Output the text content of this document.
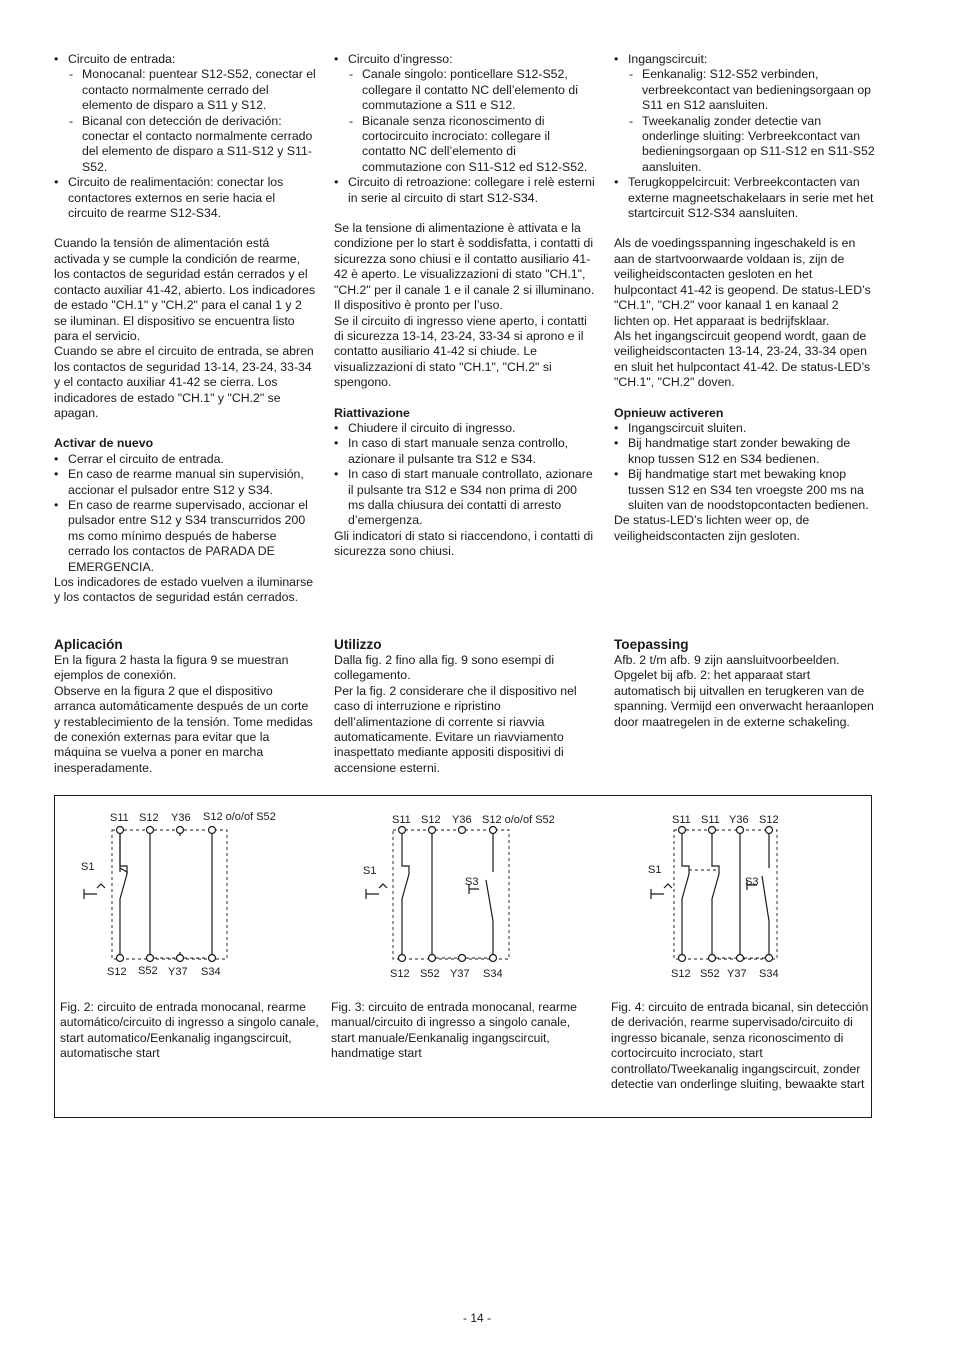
• Circuito de entrada:
- Monocanal: puentear S12-S52, conectar el contacto normalmente cerrado del elemento de disparo a S11 y S12.
- Bicanal con detección de derivación: conectar el contacto normalmente cerrado del elemento de disparo a S11-S12 y S11-S52.
• Circuito de realimentación: conectar los contactores externos en serie hacia el circuito de rearme S12-S34.

Cuando la tensión de alimentación está activada y se cumple la condición de rearme, los contactos de seguridad están cerrados y el contacto auxiliar 41-42, abierto. Los indicadores de estado "CH.1" y "CH.2" para el canal 1 y 2 se iluminan. El dispositivo se encuentra listo para el servicio.

Cuando se abre el circuito de entrada, se abren los contactos de seguridad 13-14, 23-24, 33-34 y el contacto auxiliar 41-42 se cierra. Los indicadores de estado "CH.1" y "CH.2" se apagan.

Activar de nuevo
• Cerrar el circuito de entrada.
• En caso de rearme manual sin supervisión, accionar el pulsador entre S12 y S34.
• En caso de rearme supervisado, accionar el pulsador entre S12 y S34 transcurridos 200 ms como mínimo después de haberse cerrado los contactos de PARADA DE EMERGENCIA.

Los indicadores de estado vuelven a iluminarse y los contactos de seguridad están cerrados.

Aplicación

En la figura 2 hasta la figura 9 se muestran ejemplos de conexión.

Observe en la figura 2 que el dispositivo arranca automáticamente después de un corte y restablecimiento de la tensión. Tome medidas de conexión externas para evitar que la máquina se vuelva a poner en marcha inesperadamente.

• Circuito d’ingresso:
- Canale singolo: ponticellare S12-S52, collegare il contatto NC dell’elemento di commutazione a S11 e S12.
- Bicanale senza riconoscimento di cortocircuito incrociato: collegare il contatto NC dell’elemento di commutazione con S11-S12 ed S12-S52.
• Circuito di retroazione: collegare i relè esterni in serie al circuito di start S12-S34.

Se la tensione di alimentazione è attivata e la condizione per lo start è soddisfatta, i contatti di sicurezza sono chiusi e il contatto ausiliario 41-42 è aperto. Le visualizzazioni di stato "CH.1", "CH.2" per il canale 1 e il canale 2 si illuminano. Il dispositivo è pronto per l’uso.

Se il circuito di ingresso viene aperto, i contatti di sicurezza 13-14, 23-24, 33-34 si aprono e il contatto ausiliario 41-42 si chiude. Le visualizzazioni di stato "CH.1", "CH.2" si spengono.

Riattivazione
• Chiudere il circuito di ingresso.
• In caso di start manuale senza controllo, azionare il pulsante tra S12 e S34.
• In caso di start manuale controllato, azionare il pulsante tra S12 e S34 non prima di 200 ms dalla chiusura dei contatti di arresto d’emergenza.

Gli indicatori di stato si riaccendono, i contatti di sicurezza sono chiusi.

Utilizzo

Dalla fig. 2 fino alla fig. 9 sono esempi di collegamento.

Per la fig. 2 considerare che il dispositivo nel caso di interruzione e ripristino dell’alimentazione di corrente si riavvia automaticamente. Evitare un riavviamento inaspettato mediante appositi dispositivi di accensione esterni.

• Ingangscircuit:
- Eenkanalig: S12-S52 verbinden, verbreekcontact van bedieningsorgaan op S11 en S12 aansluiten.
- Tweekanalig zonder detectie van onderlinge sluiting: Verbreekcontact van bedieningsorgaan op S11-S12 en S11-S52 aansluiten.
• Terugkoppelcircuit: Verbreekcontacten van externe magneetschakelaars in serie met het startcircuit S12-S34 aansluiten.

Als de voedingsspanning ingeschakeld is en aan de startvoorwaarde voldaan is, zijn de veiligheidscontacten gesloten en het hulpcontact 41-42 is geopend. De status-LED’s "CH.1", "CH.2" voor kanaal 1 en kanaal 2 lichten op. Het apparaat is bedrijfsklaar.

Als het ingangscircuit geopend wordt, gaan de veiligheidscontacten 13-14, 23-24, 33-34 open en sluit het hulpcontact 41-42. De status-LED’s "CH.1", "CH.2" doven.

Opnieuw activeren
• Ingangscircuit sluiten.
• Bij handmatige start zonder bewaking de knop tussen S12 en S34 bedienen.
• Bij handmatige start met bewaking knop tussen S12 en S34 ten vroegste 200 ms na sluiten van de noodstopcontacten bedienen.

De status-LED’s lichten weer op, de veiligheidscontacten zijn gesloten.

Toepassing

Afb. 2 t/m afb. 9 zijn aansluitvoorbeelden.

Opgelet bij afb. 2: het apparaat start automatisch bij uitvallen en terugkeren van de spanning. Vermijd een onverwacht heraanlopen door maatregelen in de externe schakeling.

S11 S12 Y36 S12 o/o/of S52
S12 S52 Y37 S34
S1
S11 S12 Y36 S12 o/o/of S52
S12 S52 Y37 S34
S1
S3
S11 S11 Y36 S12
S12 S52 Y37 S34
S1
S3
Fig. 2: circuito de entrada monocanal, rearme automático/circuito di ingresso a singolo canale, start automatico/Eenkanalig ingangscircuit, automatische start
Fig. 3: circuito de entrada monocanal, rearme manual/circuito di ingresso a singolo canale, start manuale/Eenkanalig ingangscircuit, handmatige start
Fig. 4: circuito de entrada bicanal, sin detección de derivación, rearme supervisado/circuito di ingresso bicanale, senza riconoscimento di cortocircuito incrociato, start controllato/Tweekanalig ingangscircuit, zonder detectie van onderlinge sluiting, bewaakte start
- 14 -
